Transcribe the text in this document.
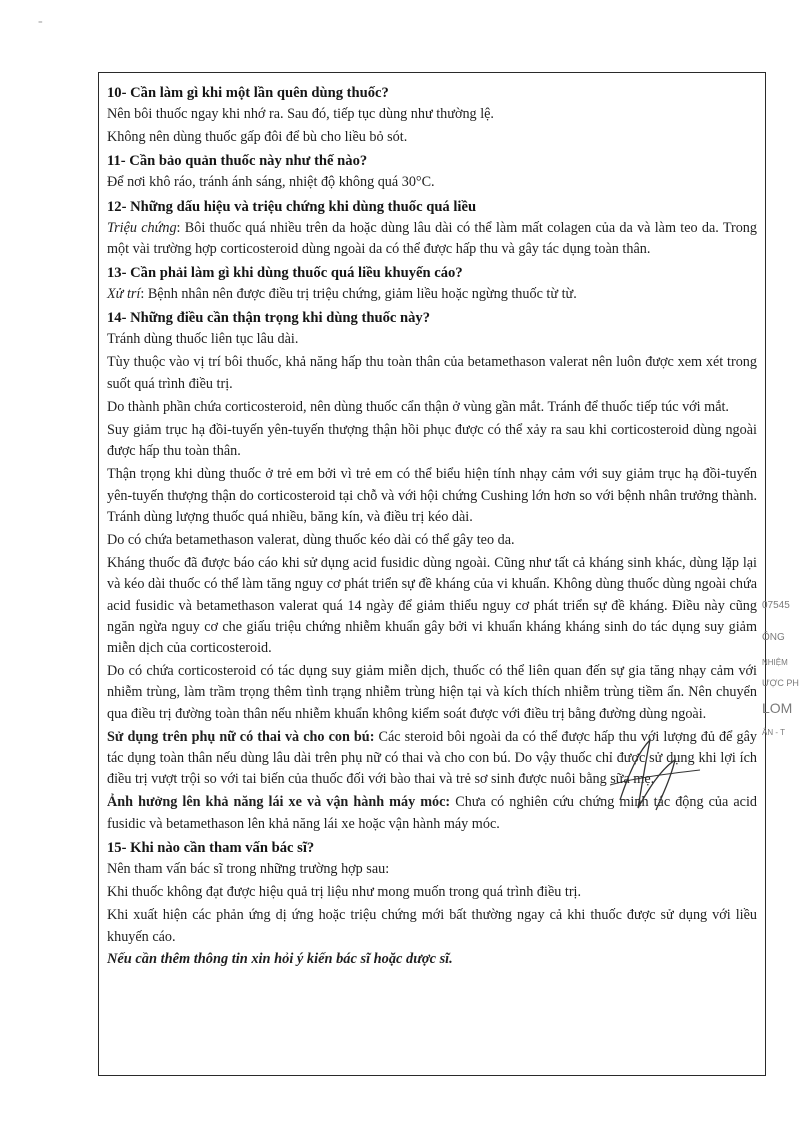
-

10- Cần làm gì khi một lần quên dùng thuốc?

Nên bôi thuốc ngay khi nhớ ra. Sau đó, tiếp tục dùng như thường lệ.

Không nên dùng thuốc gấp đôi để bù cho liều bỏ sót.

11- Cần bảo quản thuốc này như thế nào?

Để nơi khô ráo, tránh ánh sáng, nhiệt độ không quá 30°C.

12- Những dấu hiệu và triệu chứng khi dùng thuốc quá liều

Triệu chứng: Bôi thuốc quá nhiều trên da hoặc dùng lâu dài có thể làm mất colagen của da và làm teo da. Trong một vài trường hợp corticosteroid dùng ngoài da có thể được hấp thu và gây tác dụng toàn thân.

13- Cần phải làm gì khi dùng thuốc quá liều khuyến cáo?

Xử trí: Bệnh nhân nên được điều trị triệu chứng, giảm liều hoặc ngừng thuốc từ từ.

14- Những điều cần thận trọng khi dùng thuốc này?

Tránh dùng thuốc liên tục lâu dài.

Tùy thuộc vào vị trí bôi thuốc, khả năng hấp thu toàn thân của betamethason valerat nên luôn được xem xét trong suốt quá trình điều trị.

Do thành phần chứa corticosteroid, nên dùng thuốc cẩn thận ở vùng gần mắt. Tránh để thuốc tiếp túc với mắt.

Suy giảm trục hạ đồi-tuyến yên-tuyến thượng thận hồi phục được có thể xảy ra sau khi corticosteroid dùng ngoài được hấp thu toàn thân.

Thận trọng khi dùng thuốc ở trẻ em bởi vì trẻ em có thể biểu hiện tính nhạy cảm với suy giảm trục hạ đồi-tuyến yên-tuyến thượng thận do corticosteroid tại chỗ và với hội chứng Cushing lớn hơn so với bệnh nhân trưởng thành. Tránh dùng lượng thuốc quá nhiều, băng kín, và điều trị kéo dài.

Do có chứa betamethason valerat, dùng thuốc kéo dài có thể gây teo da.

Kháng thuốc đã được báo cáo khi sử dụng acid fusidic dùng ngoài. Cũng như tất cả kháng sinh khác, dùng lặp lại và kéo dài thuốc có thể làm tăng nguy cơ phát triển sự đề kháng của vi khuẩn. Không dùng thuốc dùng ngoài chứa acid fusidic và betamethason valerat quá 14 ngày để giảm thiểu nguy cơ phát triển sự đề kháng. Điều này cũng ngăn ngừa nguy cơ che giấu triệu chứng nhiễm khuẩn gây bởi vi khuẩn kháng kháng sinh do tác dụng suy giảm miễn dịch của corticosteroid.

Do có chứa corticosteroid có tác dụng suy giảm miễn dịch, thuốc có thể liên quan đến sự gia tăng nhạy cảm với nhiễm trùng, làm trầm trọng thêm tình trạng nhiễm trùng hiện tại và kích thích nhiễm trùng tiềm ẩn. Nên chuyển qua điều trị đường toàn thân nếu nhiễm khuẩn không kiểm soát được với điều trị bằng đường dùng ngoài.

Sử dụng trên phụ nữ có thai và cho con bú: Các steroid bôi ngoài da có thể được hấp thu với lượng đủ để gây tác dụng toàn thân nếu dùng lâu dài trên phụ nữ có thai và cho con bú. Do vậy thuốc chỉ được sử dụng khi lợi ích điều trị vượt trội so với tai biến của thuốc đối với bào thai và trẻ sơ sinh được nuôi bằng sữa mẹ.

Ảnh hưởng lên khả năng lái xe và vận hành máy móc: Chưa có nghiên cứu chứng minh tác động của acid fusidic và betamethason lên khả năng lái xe hoặc vận hành máy móc.

15- Khi nào cần tham vấn bác sĩ?

Nên tham vấn bác sĩ trong những trường hợp sau:

Khi thuốc không đạt được hiệu quả trị liệu như mong muốn trong quá trình điều trị.

Khi xuất hiện các phản ứng dị ứng hoặc triệu chứng mới bất thường ngay cả khi thuốc được sử dụng với liều khuyến cáo.

Nếu cần thêm thông tin xin hỏi ý kiến bác sĩ hoặc dược sĩ.

07545
ÔNG
NHIỆM
ƯỢC PH
LOM
ÂN - T
